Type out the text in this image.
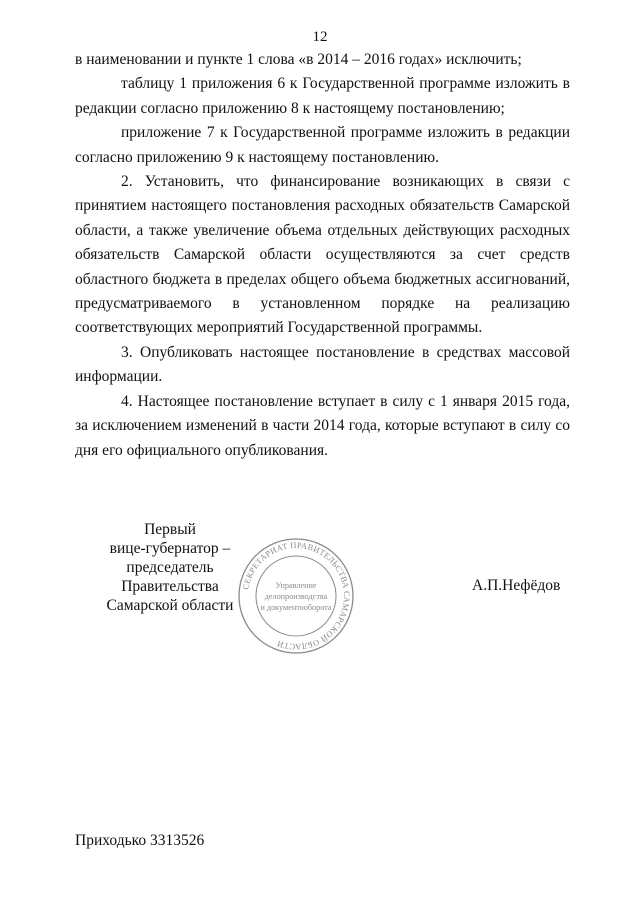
12

в наименовании и пункте 1 слова «в 2014 – 2016 годах» исключить;

таблицу 1 приложения 6 к Государственной программе изложить в редакции согласно приложению 8 к настоящему постановлению;

приложение 7 к Государственной программе изложить в редакции согласно приложению 9 к настоящему постановлению.

2. Установить, что финансирование возникающих в связи с принятием настоящего постановления расходных обязательств Самарской области, а также увеличение объема отдельных действующих расходных обязательств Самарской области осуществляются за счет средств областного бюджета в пределах общего объема бюджетных ассигнований, предусматриваемого в установленном порядке на реализацию соответствующих мероприятий Государственной программы.

3. Опубликовать настоящее постановление в средствах массовой информации.

4. Настоящее постановление вступает в силу с 1 января 2015 года, за исключением изменений в части 2014 года, которые вступают в силу со дня его официального опубликования.

Первый
вице-губернатор –
председатель Правительства
Самарской области
СЕКРЕТАРИАТ ПРАВИТЕЛЬСТВА САМАРСКОЙ ОБЛАСТИ
Управление
делопроизводства
и документооборота
А.П.Нефёдов
Приходько 3313526
